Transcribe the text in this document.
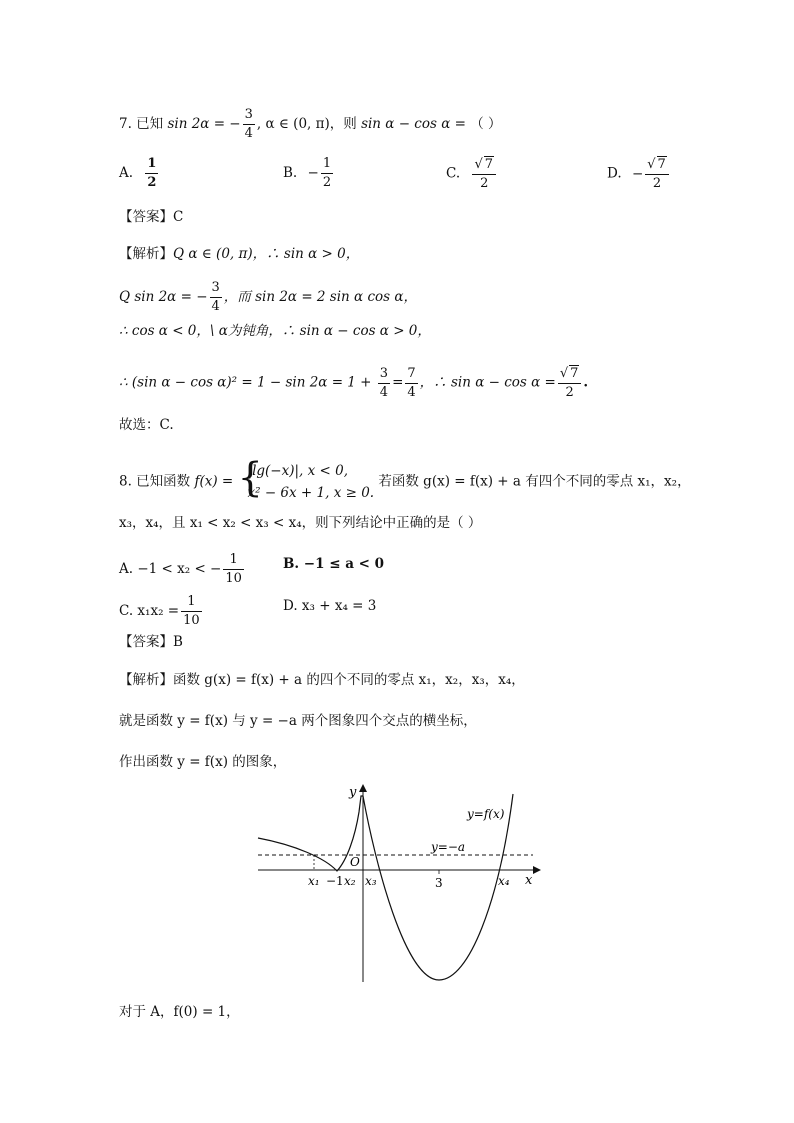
7. 已知 sin 2α = − $\frac{3}{4}$ , α ∈ (0, π)，则 sin α − cos α = （ ）
A. $\frac{1}{2}$	B. − $\frac{1}{2}$	C. $\frac{√ 7}{2}$	D. − $\frac{√ 7}{2}$
【答案】C
【解析】Q α ∈ (0, π)，∴ sin α > 0，
Q sin 2α = − $\frac{3}{4}$ ，而 sin 2α = 2 sin α cos α，
∴ cos α < 0，\ α为钝角，∴ sin α − cos α > 0，
∴ (sin $\alpha - \cos \alpha)^2 = 1 - \sin 2\alpha = 1 + \frac{3}{4} = \frac{7}{4}$ ，∴ $\sin \alpha - \cos \alpha = \frac{√ 7}{2}$ .
故选：C.
8. 已知函数 f(x) = {
|lg(−x)|, x < 0,
x² − 6x + 1, x ≥ 0.
若函数 g(x) = f(x) + a 有四个不同的零点 x₁，x₂，
x₃，x₄，且 x₁ < x₂ < x₃ < x₄，则下列结论中正确的是（ ）
A. −1 < x₂ < − $\frac{1}{10}$	B. −1 ≤ a < 0
C. $x_1x_2 = \frac{1}{10}$	D. x₃ + x₄ = 3
【答案】B
【解析】函数 g(x) = f(x) + a 的四个不同的零点 x₁，x₂，x₃，x₄，
就是函数 y = f(x) 与 y = −a 两个图象四个交点的横坐标，
作出函数 y = f(x) 的图象，
y
x
y=f(x)
y=−a
O
x₁ −1 x₂ x₃	3	x₄
对于 A，f(0) = 1，
